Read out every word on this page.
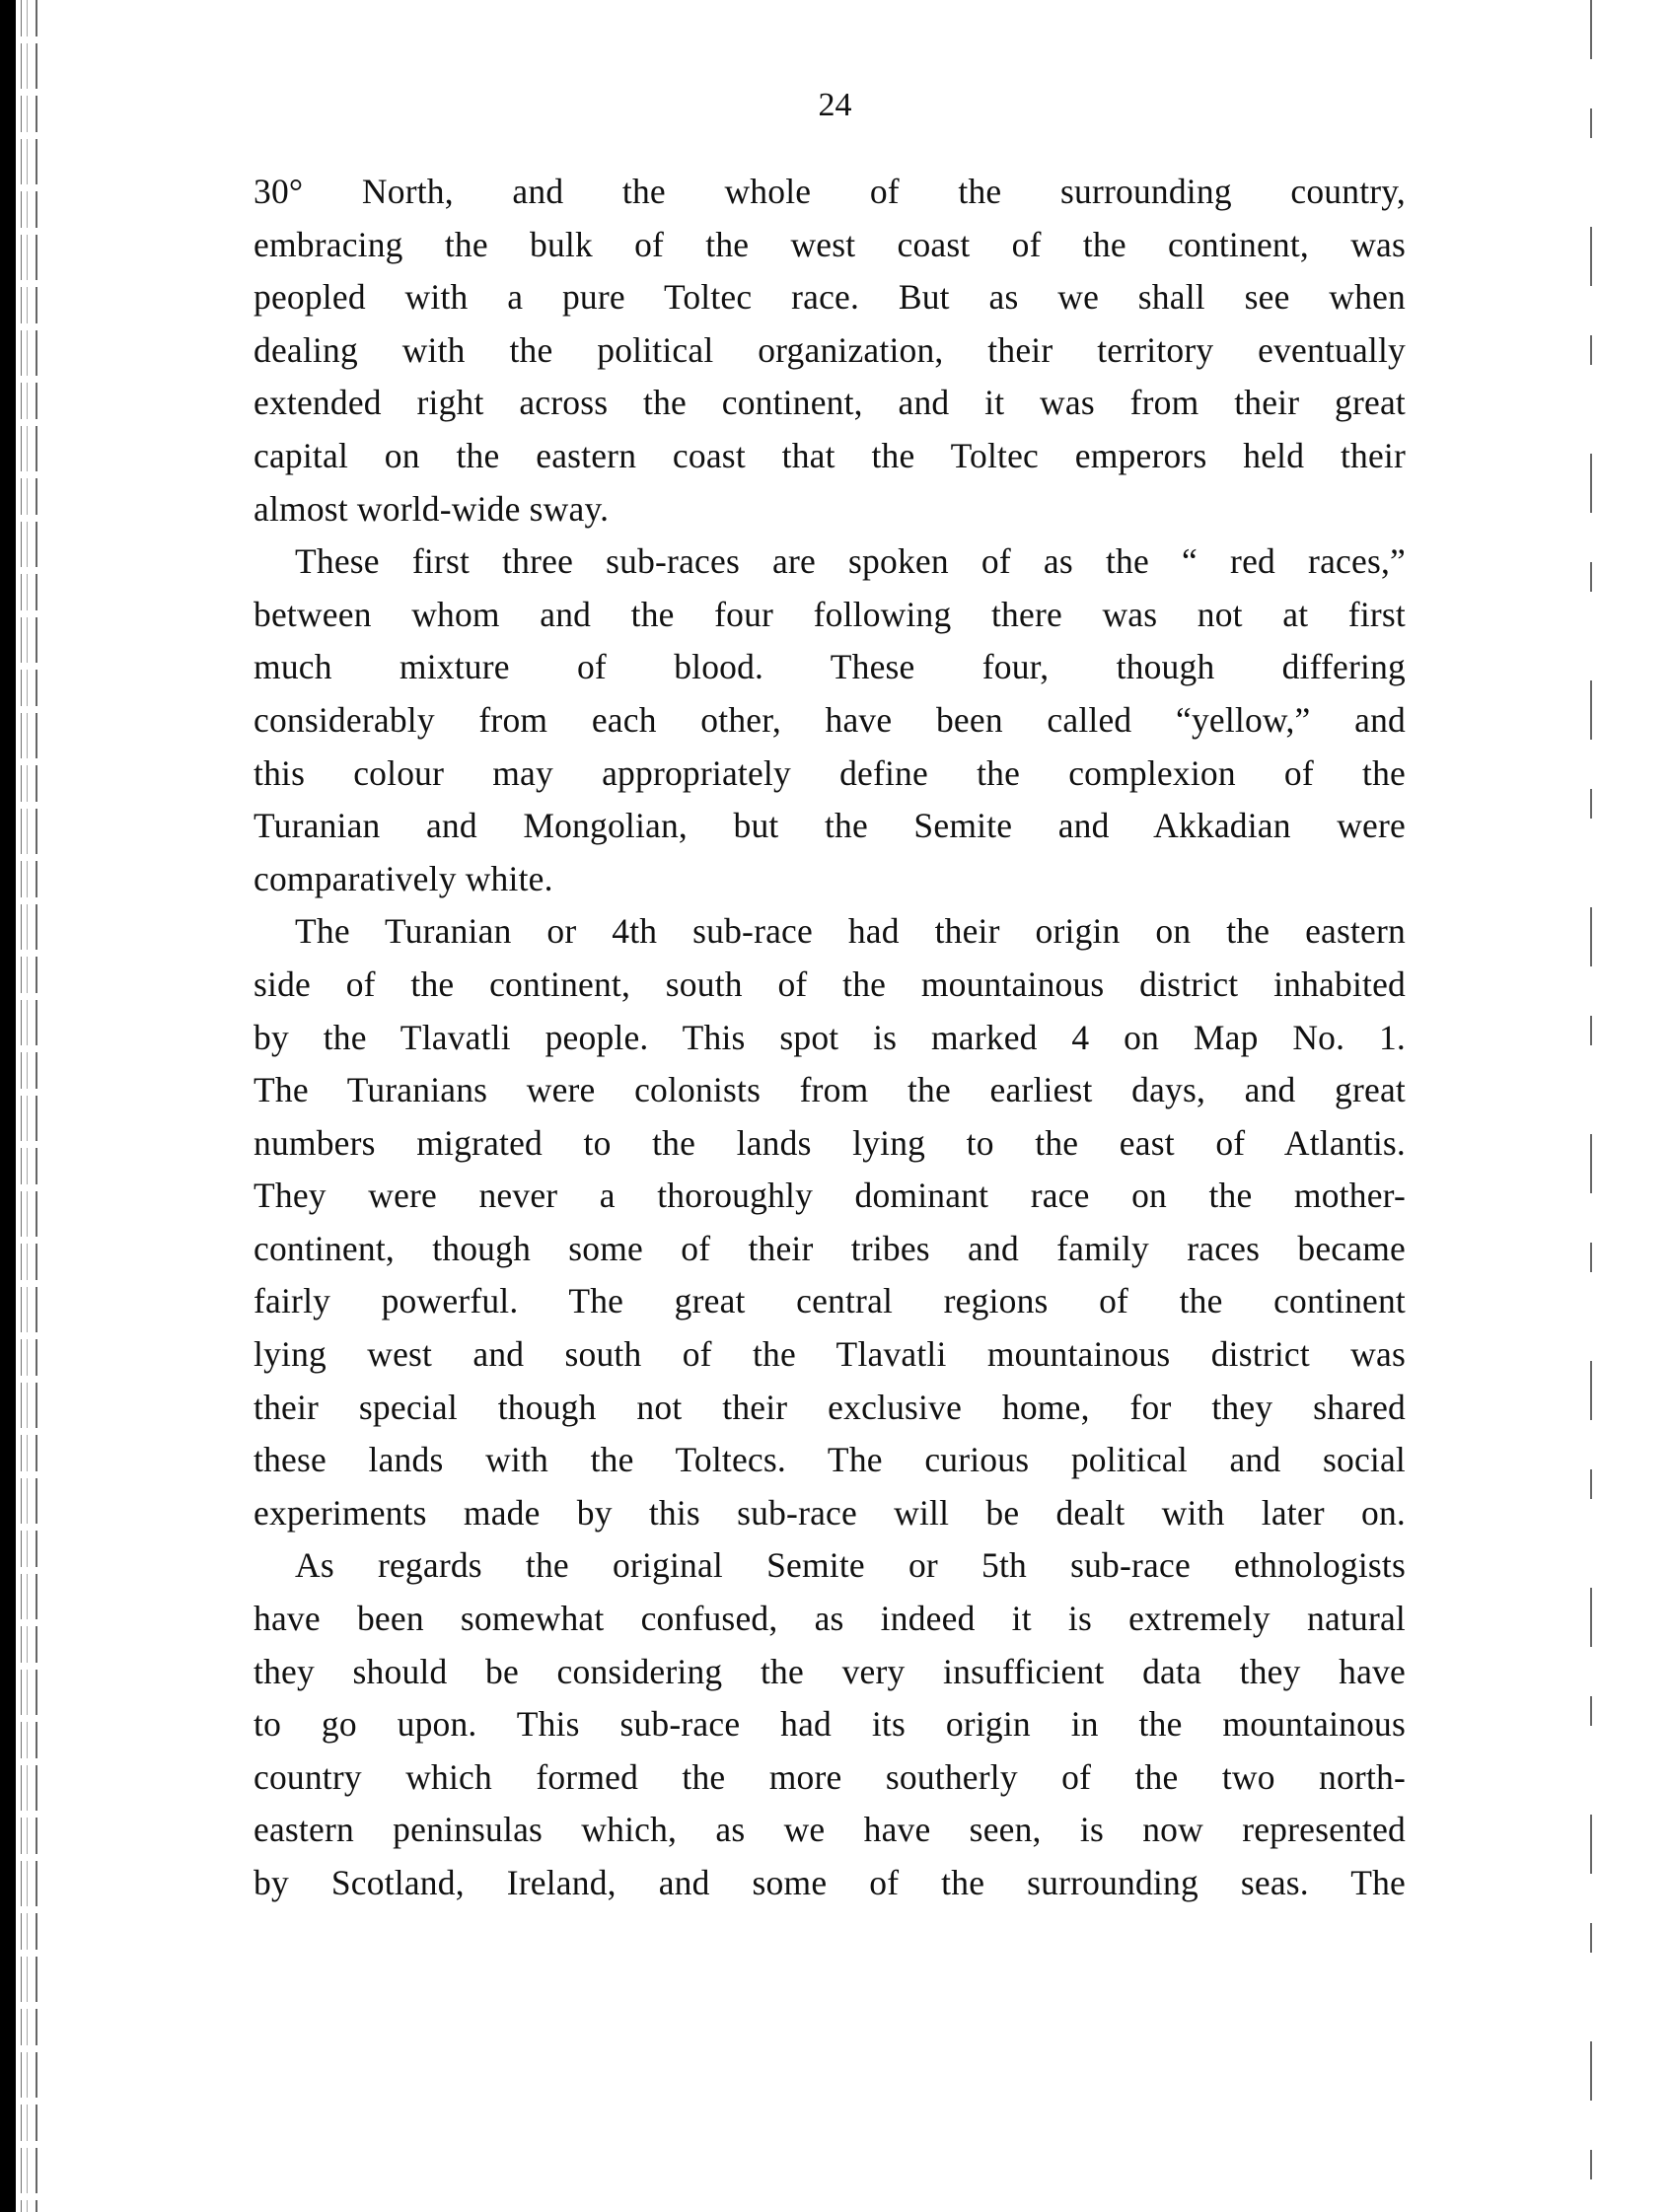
24
30° North, and the whole of the surrounding country,
embracing the bulk of the west coast of the continent, was
peopled with a pure Toltec race. But as we shall see when
dealing with the political organization, their territory eventually
extended right across the continent, and it was from their great
capital on the eastern coast that the Toltec emperors held their
almost world-wide sway.
These first three sub-races are spoken of as the “ red races,”
between whom and the four following there was not at first
much mixture of blood. These four, though differing
considerably from each other, have been called “yellow,” and
this colour may appropriately define the complexion of the
Turanian and Mongolian, but the Semite and Akkadian were
comparatively white.
The Turanian or 4th sub-race had their origin on the eastern
side of the continent, south of the mountainous district inhabited
by the Tlavatli people. This spot is marked 4 on Map No. 1.
The Turanians were colonists from the earliest days, and great
numbers migrated to the lands lying to the east of Atlantis.
They were never a thoroughly dominant race on the mother-
continent, though some of their tribes and family races became
fairly powerful. The great central regions of the continent
lying west and south of the Tlavatli mountainous district was
their special though not their exclusive home, for they shared
these lands with the Toltecs. The curious political and social
experiments made by this sub-race will be dealt with later on.
As regards the original Semite or 5th sub-race ethnologists
have been somewhat confused, as indeed it is extremely natural
they should be considering the very insufficient data they have
to go upon. This sub-race had its origin in the mountainous
country which formed the more southerly of the two north-
eastern peninsulas which, as we have seen, is now represented
by Scotland, Ireland, and some of the surrounding seas. The
